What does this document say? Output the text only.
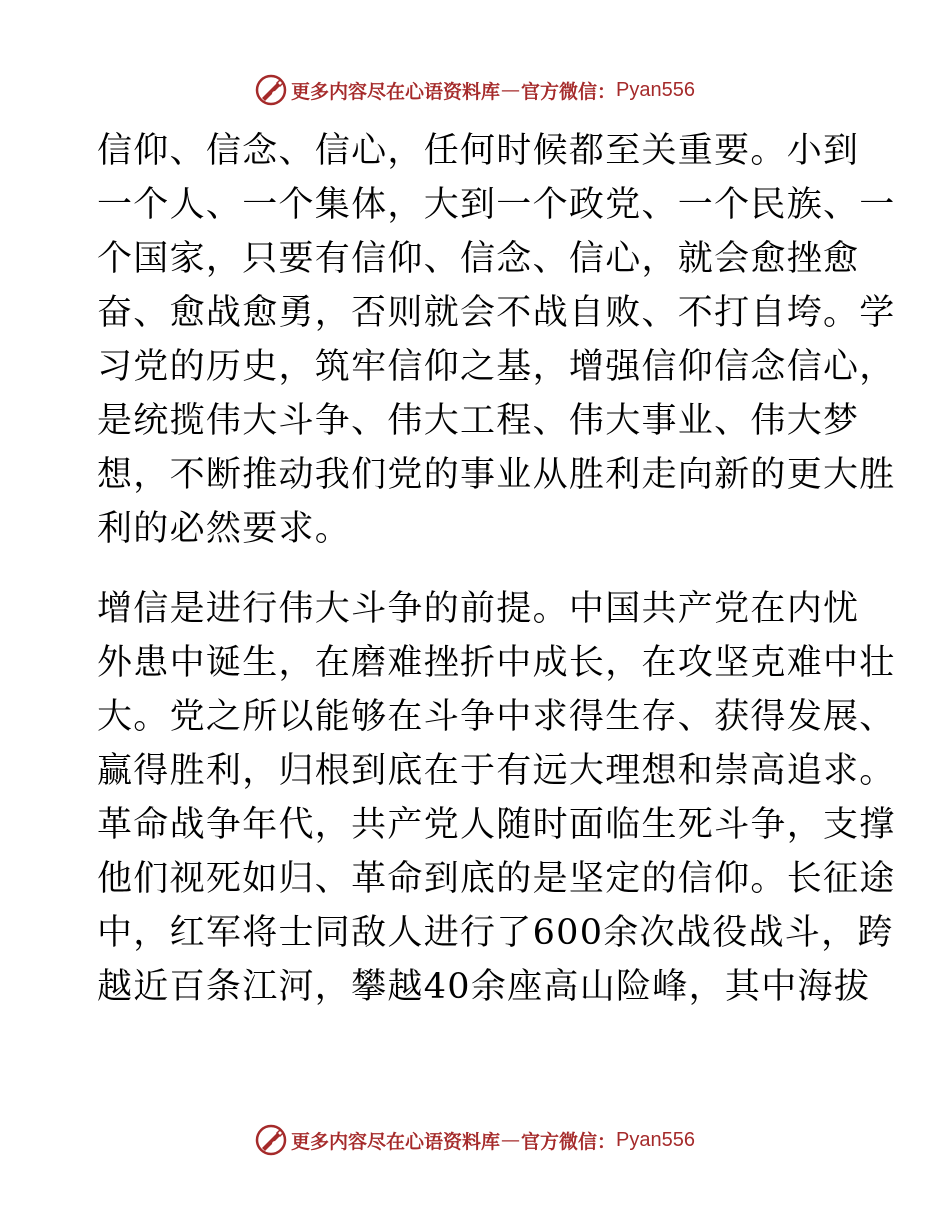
更多内容尽在心语资料库 — 官方微信： Pyan556
信仰、信念、信心，任何时候都至关重要。小到
一个人、一个集体，大到一个政党、一个民族、一
个国家，只要有信仰、信念、信心，就会愈挫愈
奋、愈战愈勇，否则就会不战自败、不打自垮。学
习党的历史，筑牢信仰之基，增强信仰信念信心，
是统揽伟大斗争、伟大工程、伟大事业、伟大梦
想，不断推动我们党的事业从胜利走向新的更大胜
利的必然要求。
增信是进行伟大斗争的前提。中国共产党在内忧
外患中诞生，在磨难挫折中成长，在攻坚克难中壮
大。党之所以能够在斗争中求得生存、获得发展、
赢得胜利，归根到底在于有远大理想和崇高追求。
革命战争年代，共产党人随时面临生死斗争，支撑
他们视死如归、革命到底的是坚定的信仰。长征途
中，红军将士同敌人进行了600余次战役战斗，跨
越近百条江河，攀越40余座高山险峰，其中海拔
更多内容尽在心语资料库 — 官方微信： Pyan556
